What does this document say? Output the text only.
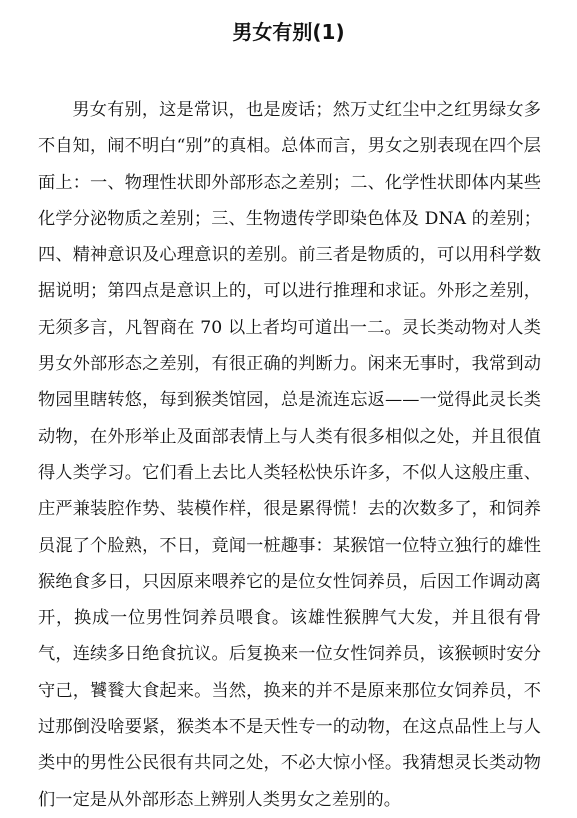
男女有别(1)

男女有别，这是常识，也是废话；然万丈红尘中之红男绿女多不自知，闹不明白“别”的真相。总体而言，男女之别表现在四个层面上：一、物理性状即外部形态之差别；二、化学性状即体内某些化学分泌物质之差别；三、生物遗传学即染色体及 DNA 的差别；四、精神意识及心理意识的差别。前三者是物质的，可以用科学数据说明；第四点是意识上的，可以进行推理和求证。外形之差别，无须多言，凡智商在 70 以上者均可道出一二。灵长类动物对人类男女外部形态之差别，有很正确的判断力。闲来无事时，我常到动物园里瞎转悠，每到猴类馆园，总是流连忘返——一觉得此灵长类动物，在外形举止及面部表情上与人类有很多相似之处，并且很值得人类学习。它们看上去比人类轻松快乐许多，不似人这般庄重、庄严兼装腔作势、装模作样，很是累得慌！去的次数多了，和饲养员混了个脸熟，不日，竟闻一桩趣事：某猴馆一位特立独行的雄性猴绝食多日，只因原来喂养它的是位女性饲养员，后因工作调动离开，换成一位男性饲养员喂食。该雄性猴脾气大发，并且很有骨气，连续多日绝食抗议。后复换来一位女性饲养员，该猴顿时安分守己，饕餮大食起来。当然，换来的并不是原来那位女饲养员，不过那倒没啥要紧，猴类本不是天性专一的动物，在这点品性上与人类中的男性公民很有共同之处，不必大惊小怪。我猜想灵长类动物们一定是从外部形态上辨别人类男女之差别的。
